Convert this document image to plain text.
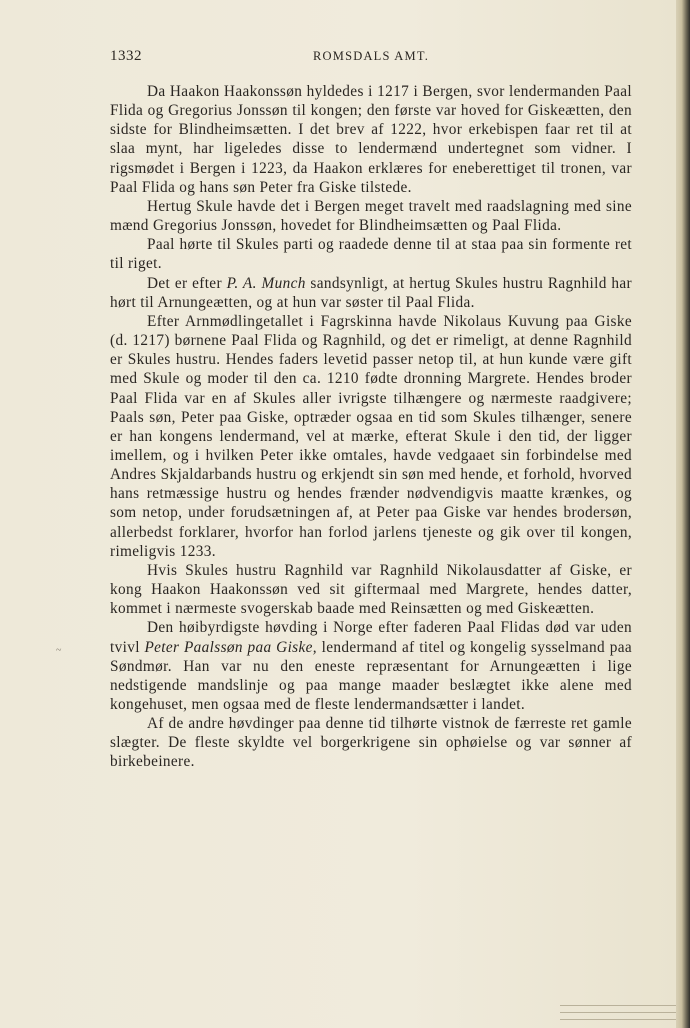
1332	ROMSDALS AMT.
~

Da Haakon Haakonssøn hyldedes i 1217 i Bergen, svor lendermanden Paal Flida og Gregorius Jonssøn til kongen; den første var hoved for Giskeætten, den sidste for Blindheimsætten. I det brev af 1222, hvor erkebispen faar ret til at slaa mynt, har ligeledes disse to lendermænd undertegnet som vidner. I rigsmødet i Bergen i 1223, da Haakon erklæres for eneberettiget til tronen, var Paal Flida og hans søn Peter fra Giske tilstede.

Hertug Skule havde det i Bergen meget travelt med raadslagning med sine mænd Gregorius Jonssøn, hovedet for Blindheimsætten og Paal Flida.

Paal hørte til Skules parti og raadede denne til at staa paa sin formente ret til riget.

Det er efter P. A. Munch sandsynligt, at hertug Skules hustru Ragnhild har hørt til Arnungeætten, og at hun var søster til Paal Flida.

Efter Arnmødlingetallet i Fagrskinna havde Nikolaus Kuvung paa Giske (d. 1217) børnene Paal Flida og Ragnhild, og det er rimeligt, at denne Ragnhild er Skules hustru. Hendes faders levetid passer netop til, at hun kunde være gift med Skule og moder til den ca. 1210 fødte dronning Margrete. Hendes broder Paal Flida var en af Skules aller ivrigste tilhængere og nærmeste raadgivere; Paals søn, Peter paa Giske, optræder ogsaa en tid som Skules tilhænger, senere er han kongens lendermand, vel at mærke, efterat Skule i den tid, der ligger imellem, og i hvilken Peter ikke omtales, havde vedgaaet sin forbindelse med Andres Skjaldarbands hustru og erkjendt sin søn med hende, et forhold, hvorved hans retmæssige hustru og hendes frænder nødvendigvis maatte krænkes, og som netop, under forudsætningen af, at Peter paa Giske var hendes brodersøn, allerbedst forklarer, hvorfor han forlod jarlens tjeneste og gik over til kongen, rimeligvis 1233.

Hvis Skules hustru Ragnhild var Ragnhild Nikolausdatter af Giske, er kong Haakon Haakonssøn ved sit giftermaal med Margrete, hendes datter, kommet i nærmeste svogerskab baade med Reinsætten og med Giskeætten.

Den høibyrdigste høvding i Norge efter faderen Paal Flidas død var uden tvivl Peter Paalssøn paa Giske, lendermand af titel og kongelig sysselmand paa Søndmør. Han var nu den eneste repræsentant for Arnungeætten i lige nedstigende mandslinje og paa mange maader beslægtet ikke alene med kongehuset, men ogsaa med de fleste lendermandsætter i landet.

Af de andre høvdinger paa denne tid tilhørte vistnok de færreste ret gamle slægter. De fleste skyldte vel borgerkrigene sin ophøielse og var sønner af birkebeinere.
